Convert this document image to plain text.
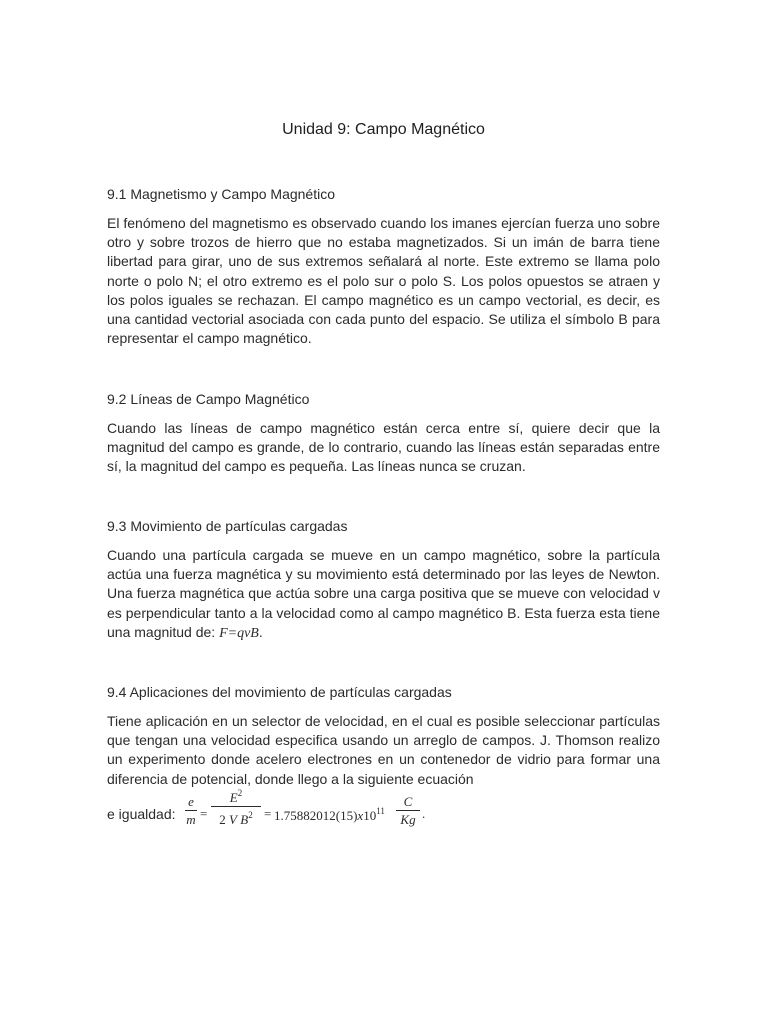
Unidad 9: Campo Magnético
9.1 Magnetismo y Campo Magnético
El fenómeno del magnetismo es observado cuando los imanes ejercían fuerza uno sobre otro y sobre trozos de hierro que no estaba magnetizados. Si un imán de barra tiene libertad para girar, uno de sus extremos señalará al norte. Este extremo se llama polo norte o polo N; el otro extremo es el polo sur o polo S. Los polos opuestos se atraen y los polos iguales se rechazan. El campo magnético es un campo vectorial, es decir, es una cantidad vectorial asociada con cada punto del espacio. Se utiliza el símbolo B para representar el campo magnético.
9.2 Líneas de Campo Magnético
Cuando las líneas de campo magnético están cerca entre sí, quiere decir que la magnitud del campo es grande, de lo contrario, cuando las líneas están separadas entre sí, la magnitud del campo es pequeña. Las líneas nunca se cruzan.
9.3 Movimiento de partículas cargadas
Cuando una partícula cargada se mueve en un campo magnético, sobre la partícula actúa una fuerza magnética y su movimiento está determinado por las leyes de Newton. Una fuerza magnética que actúa sobre una carga positiva que se mueve con velocidad v es perpendicular tanto a la velocidad como al campo magnético B. Esta fuerza esta tiene una magnitud de: F=qvB.
9.4 Aplicaciones del movimiento de partículas cargadas
Tiene aplicación en un selector de velocidad, en el cual es posible seleccionar partículas que tengan una velocidad especifica usando un arreglo de campos. J. Thomson realizo un experimento donde acelero electrones en un contenedor de vidrio para formar una diferencia de potencial, donde llego a la siguiente ecuación
e igualdad:
e
m =
$E^2$
2 V $B^2 = 1.75882012(15)x10^{11}$
C
Kg .
